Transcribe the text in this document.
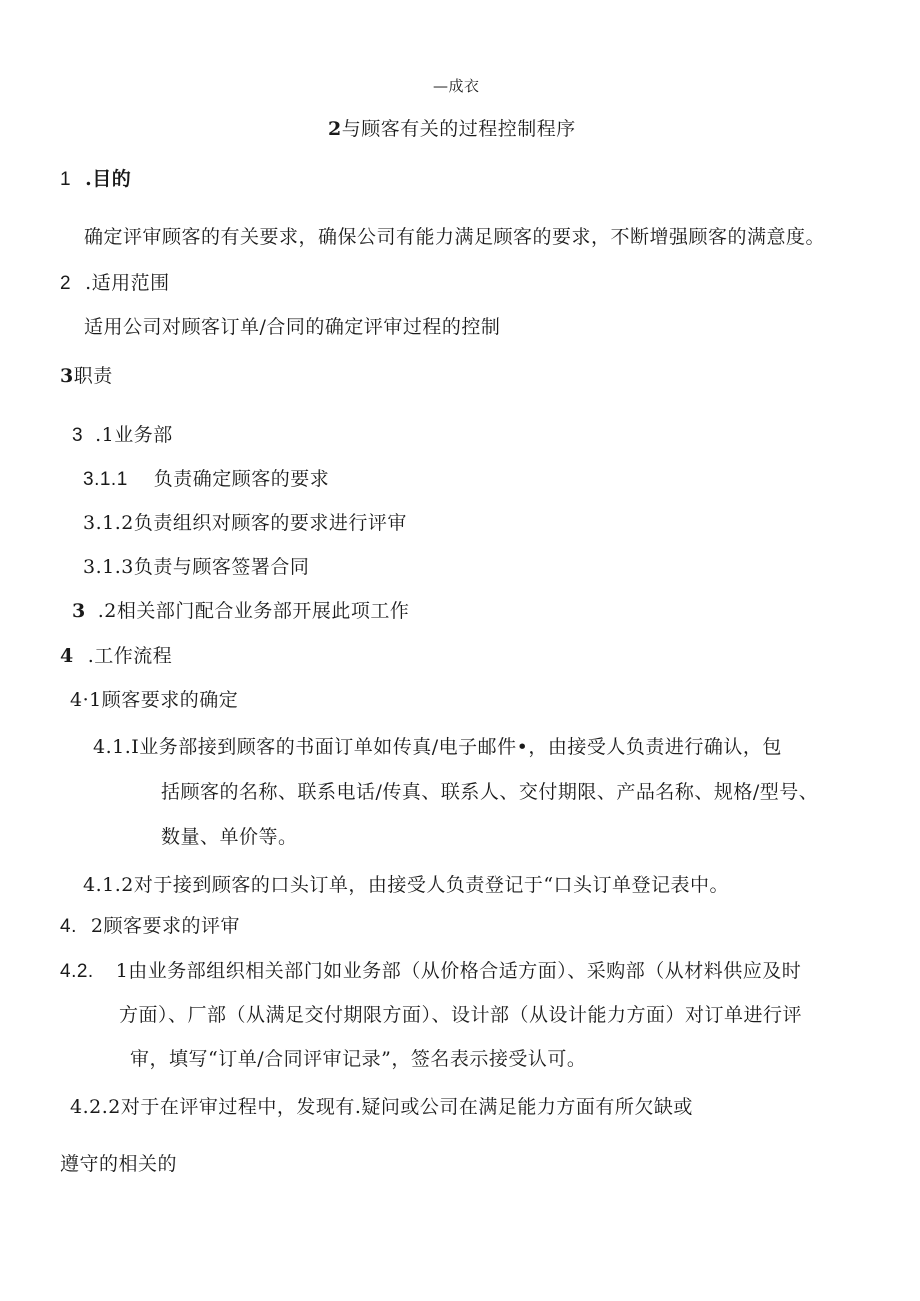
—成衣
2与顾客有关的过程控制程序
1 .目的
确定评审顾客的有关要求，确保公司有能力满足顾客的要求，不断增强顾客的满意度。
2 .适用范围
适用公司对顾客订单/合同的确定评审过程的控制
3职责
3 .1业务部
3.1.1 负责确定顾客的要求
3.1.2负责组织对顾客的要求进行评审
3.1.3负责与顾客签署合同
3 .2相关部门配合业务部开展此项工作
4 .工作流程
4·1顾客要求的确定
4.1.I业务部接到顾客的书面订单如传真/电子邮件•，由接受人负责进行确认，包
括顾客的名称、联系电话/传真、联系人、交付期限、产品名称、规格/型号、
数量、单价等。
4.1.2对于接到顾客的口头订单，由接受人负责登记于“口头订单登记表中。
4. 2顾客要求的评审
4.2. 1由业务部组织相关部门如业务部（从价格合适方面）、采购部（从材料供应及时
方面）、厂部（从满足交付期限方面）、设计部（从设计能力方面）对订单进行评
审，填写“订单/合同评审记录”，签名表示接受认可。
4.2.2对于在评审过程中，发现有.疑问或公司在满足能力方面有所欠缺或
遵守的相关的
